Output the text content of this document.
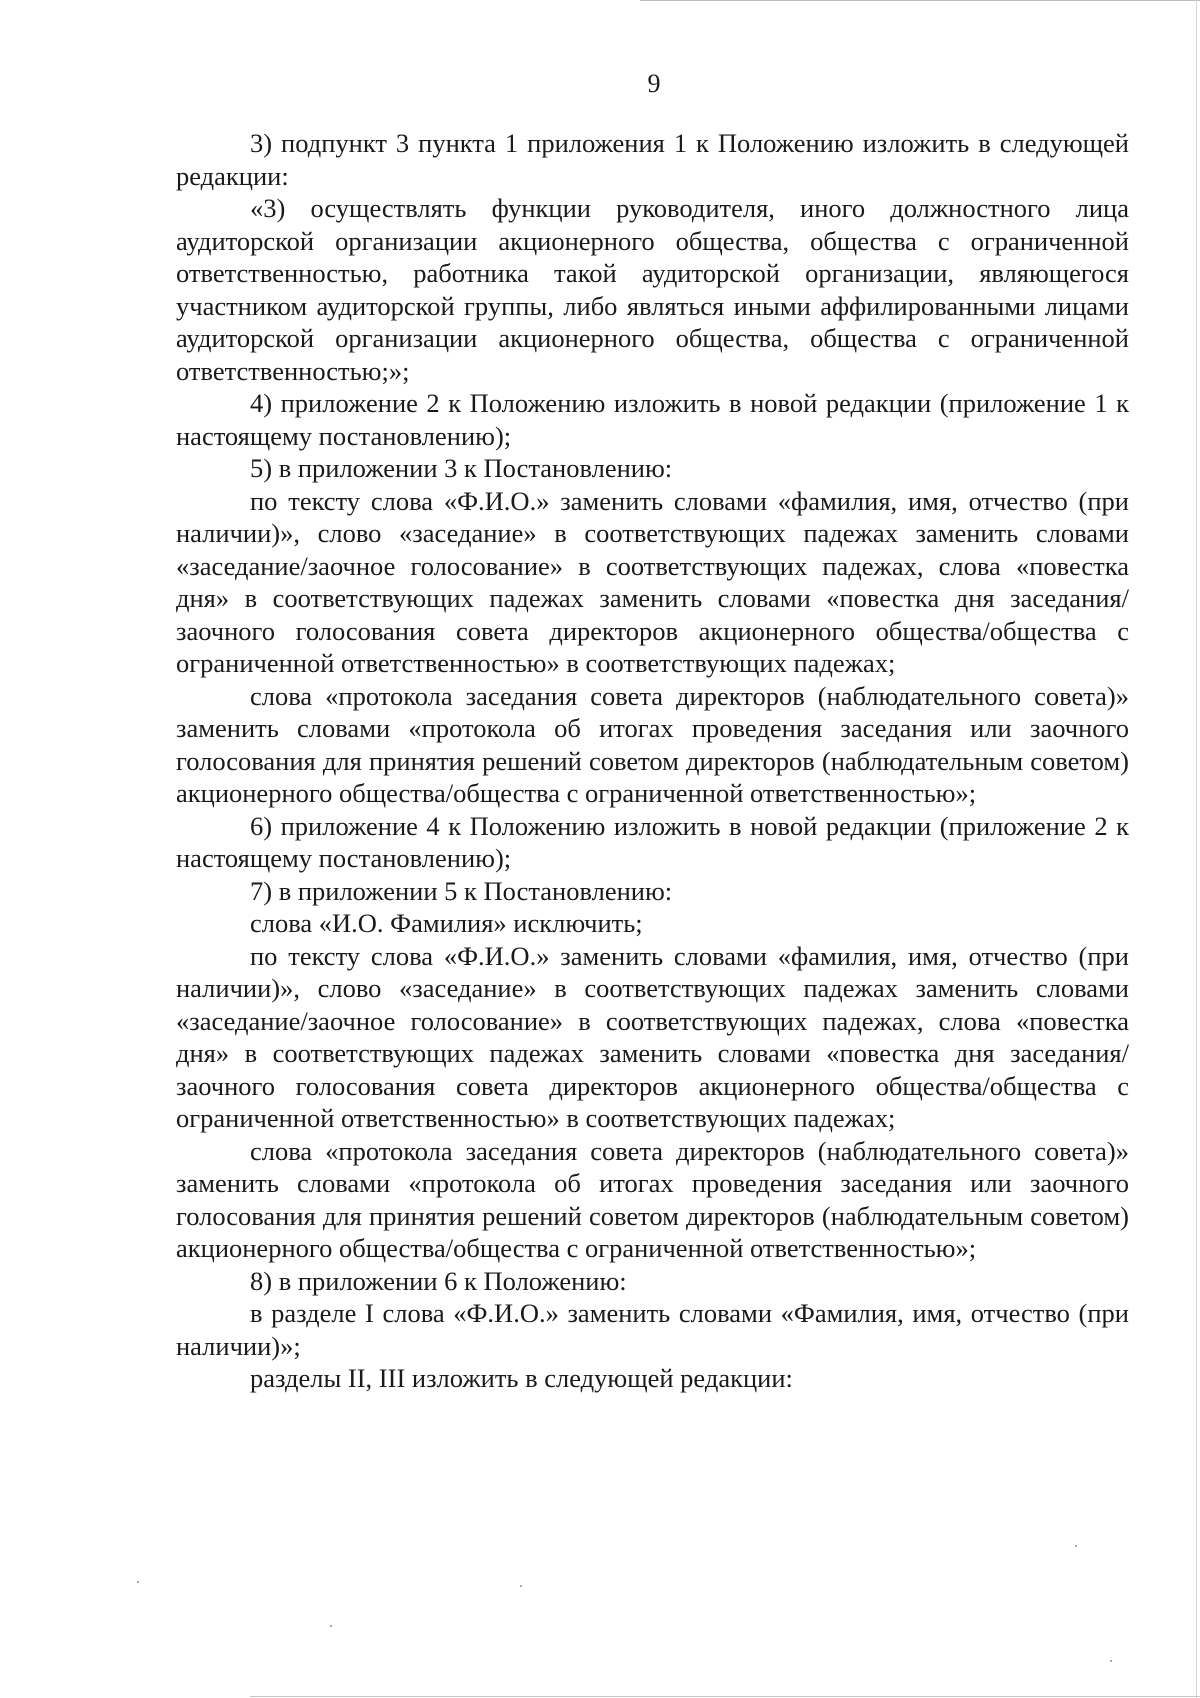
9

3) подпункт 3 пункта 1 приложения 1 к Положению изложить в следующей редакции:

«3) осуществлять функции руководителя, иного должностного лица аудиторской организации акционерного общества, общества с ограниченной ответственностью, работника такой аудиторской организации, являющегося участником аудиторской группы, либо являться иными аффилированными лицами аудиторской организации акционерного общества, общества с ограниченной ответственностью;»;

4) приложение 2 к Положению изложить в новой редакции (приложение 1 к настоящему постановлению);

5) в приложении 3 к Постановлению:

по тексту слова «Ф.И.О.» заменить словами «фамилия, имя, отчество (при наличии)», слово «заседание» в соответствующих падежах заменить словами «заседание/заочное голосование» в соответствующих падежах, слова «повестка дня» в соответствующих падежах заменить словами «повестка дня заседания/заочного голосования совета директоров акционерного общества/общества с ограниченной ответственностью» в соответствующих падежах;

слова «протокола заседания совета директоров (наблюдательного совета)» заменить словами «протокола об итогах проведения заседания или заочного голосования для принятия решений советом директоров (наблюдательным советом) акционерного общества/общества с ограниченной ответственностью»;

6) приложение 4 к Положению изложить в новой редакции (приложение 2 к настоящему постановлению);

7) в приложении 5 к Постановлению:

слова «И.О. Фамилия» исключить;

по тексту слова «Ф.И.О.» заменить словами «фамилия, имя, отчество (при наличии)», слово «заседание» в соответствующих падежах заменить словами «заседание/заочное голосование» в соответствующих падежах, слова «повестка дня» в соответствующих падежах заменить словами «повестка дня заседания/заочного голосования совета директоров акционерного общества/общества с ограниченной ответственностью» в соответствующих падежах;

слова «протокола заседания совета директоров (наблюдательного совета)» заменить словами «протокола об итогах проведения заседания или заочного голосования для принятия решений советом директоров (наблюдательным советом) акционерного общества/общества с ограниченной ответственностью»;

8) в приложении 6 к Положению:

в разделе I слова «Ф.И.О.» заменить словами «Фамилия, имя, отчество (при наличии)»;

разделы II, III изложить в следующей редакции:
